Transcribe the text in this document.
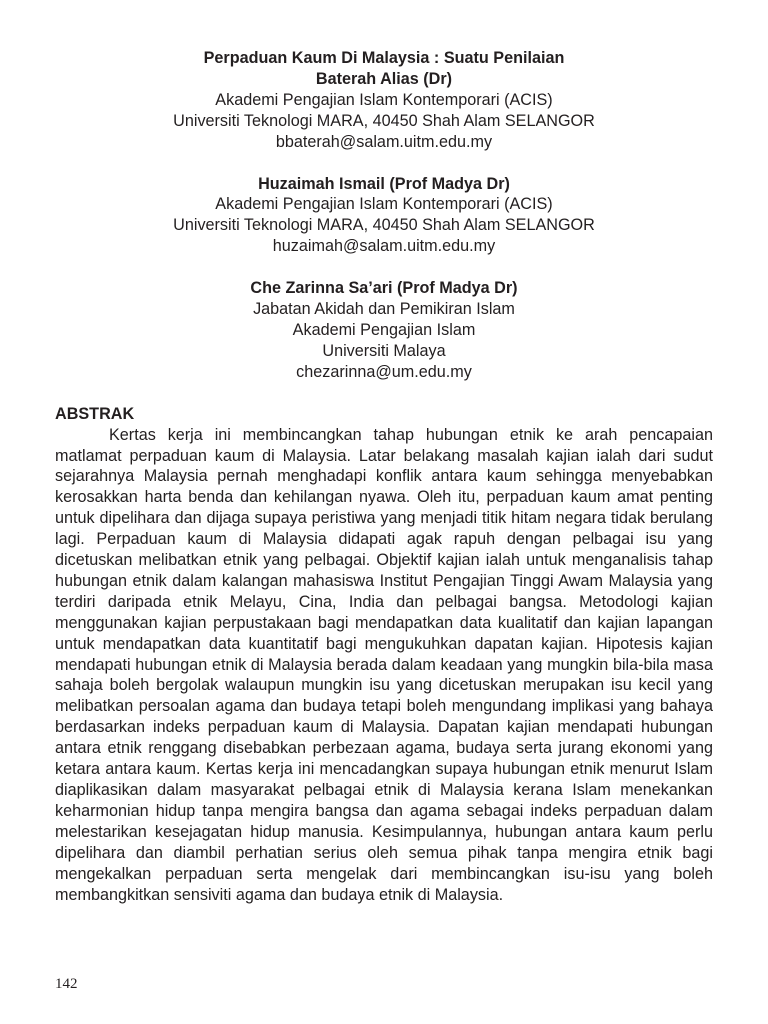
Perpaduan Kaum Di Malaysia : Suatu Penilaian
Baterah Alias (Dr)
Akademi Pengajian Islam Kontemporari (ACIS)
Universiti Teknologi MARA, 40450 Shah Alam SELANGOR
bbaterah@salam.uitm.edu.my
Huzaimah Ismail (Prof Madya Dr)
Akademi Pengajian Islam Kontemporari (ACIS)
Universiti Teknologi MARA, 40450 Shah Alam SELANGOR
huzaimah@salam.uitm.edu.my
Che Zarinna Sa’ari (Prof Madya Dr)
Jabatan Akidah dan Pemikiran Islam
Akademi Pengajian Islam
Universiti Malaya
chezarinna@um.edu.my
ABSTRAK

Kertas kerja ini membincangkan tahap hubungan etnik ke arah pencapaian matlamat perpaduan kaum di Malaysia. Latar belakang masalah kajian ialah dari sudut sejarahnya Malaysia pernah menghadapi konflik antara kaum sehingga menyebabkan kerosakkan harta benda dan kehilangan nyawa. Oleh itu, perpaduan kaum amat penting untuk dipelihara dan dijaga supaya peristiwa yang menjadi titik hitam negara tidak berulang lagi. Perpaduan kaum di Malaysia didapati agak rapuh dengan pelbagai isu yang dicetuskan melibatkan etnik yang pelbagai. Objektif kajian ialah untuk menganalisis tahap hubungan etnik dalam kalangan mahasiswa Institut Pengajian Tinggi Awam Malaysia yang terdiri daripada etnik Melayu, Cina, India dan pelbagai bangsa. Metodologi kajian menggunakan kajian perpustakaan bagi mendapatkan data kualitatif dan kajian lapangan untuk mendapatkan data kuantitatif bagi mengukuhkan dapatan kajian. Hipotesis kajian mendapati hubungan etnik di Malaysia berada dalam keadaan yang mungkin bila-bila masa sahaja boleh bergolak walaupun mungkin isu yang dicetuskan merupakan isu kecil yang melibatkan persoalan agama dan budaya tetapi boleh mengundang implikasi yang bahaya berdasarkan indeks perpaduan kaum di Malaysia. Dapatan kajian mendapati hubungan antara etnik renggang disebabkan perbezaan agama, budaya serta jurang ekonomi yang ketara antara kaum. Kertas kerja ini mencadangkan supaya hubungan etnik menurut Islam diaplikasikan dalam masyarakat pelbagai etnik di Malaysia kerana Islam menekankan keharmonian hidup tanpa mengira bangsa dan agama sebagai indeks perpaduan dalam melestarikan kesejagatan hidup manusia. Kesimpulannya, hubungan antara kaum perlu dipelihara dan diambil perhatian serius oleh semua pihak tanpa mengira etnik bagi mengekalkan perpaduan serta mengelak dari membincangkan isu-isu yang boleh membangkitkan sensiviti agama dan budaya etnik di Malaysia.

142
